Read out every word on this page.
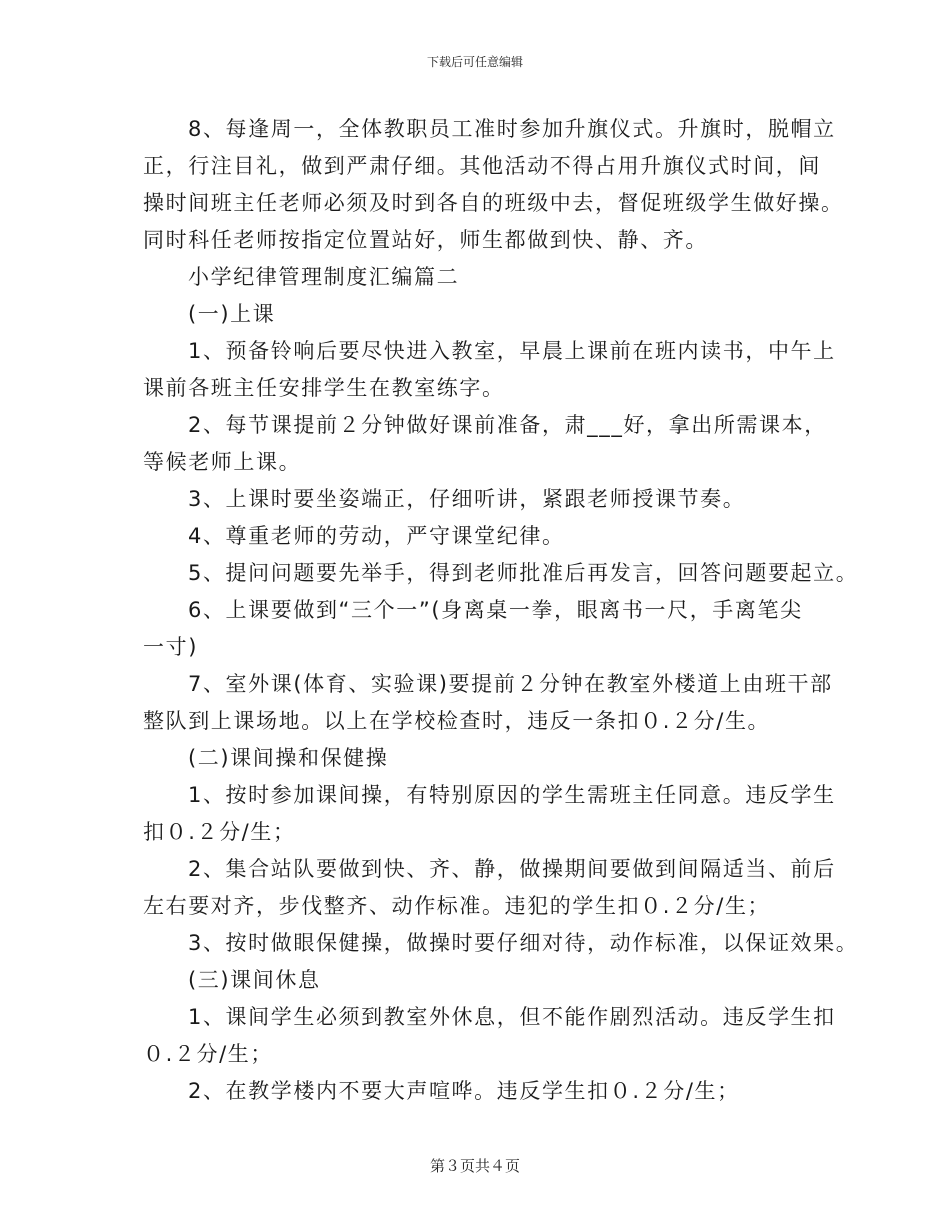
下载后可任意编辑
8、每逢周一，全体教职员工准时参加升旗仪式。升旗时，脱帽立
正，行注目礼，做到严肃仔细。其他活动不得占用升旗仪式时间，间
操时间班主任老师必须及时到各自的班级中去，督促班级学生做好操。
同时科任老师按指定位置站好，师生都做到快、静、齐。
小学纪律管理制度汇编篇二
(一)上课
1、预备铃响后要尽快进入教室，早晨上课前在班内读书，中午上
课前各班主任安排学生在教室练字。
2、每节课提前２分钟做好课前准备，肃___好，拿出所需课本，
等候老师上课。
3、上课时要坐姿端正，仔细听讲，紧跟老师授课节奏。
4、尊重老师的劳动，严守课堂纪律。
5、提问问题要先举手，得到老师批准后再发言，回答问题要起立。
6、上课要做到“三个一”(身离桌一拳，眼离书一尺，手离笔尖
一寸)
7、室外课(体育、实验课)要提前２分钟在教室外楼道上由班干部
整队到上课场地。以上在学校检查时，违反一条扣０.２分/生。
(二)课间操和保健操
1、按时参加课间操，有特别原因的学生需班主任同意。违反学生
扣０.２分/生；
2、集合站队要做到快、齐、静，做操期间要做到间隔适当、前后
左右要对齐，步伐整齐、动作标准。违犯的学生扣０.２分/生；
3、按时做眼保健操，做操时要仔细对待，动作标准，以保证效果。
(三)课间休息
1、课间学生必须到教室外休息，但不能作剧烈活动。违反学生扣
０.２分/生；
2、在教学楼内不要大声喧哗。违反学生扣０.２分/生；
第３页共４页
